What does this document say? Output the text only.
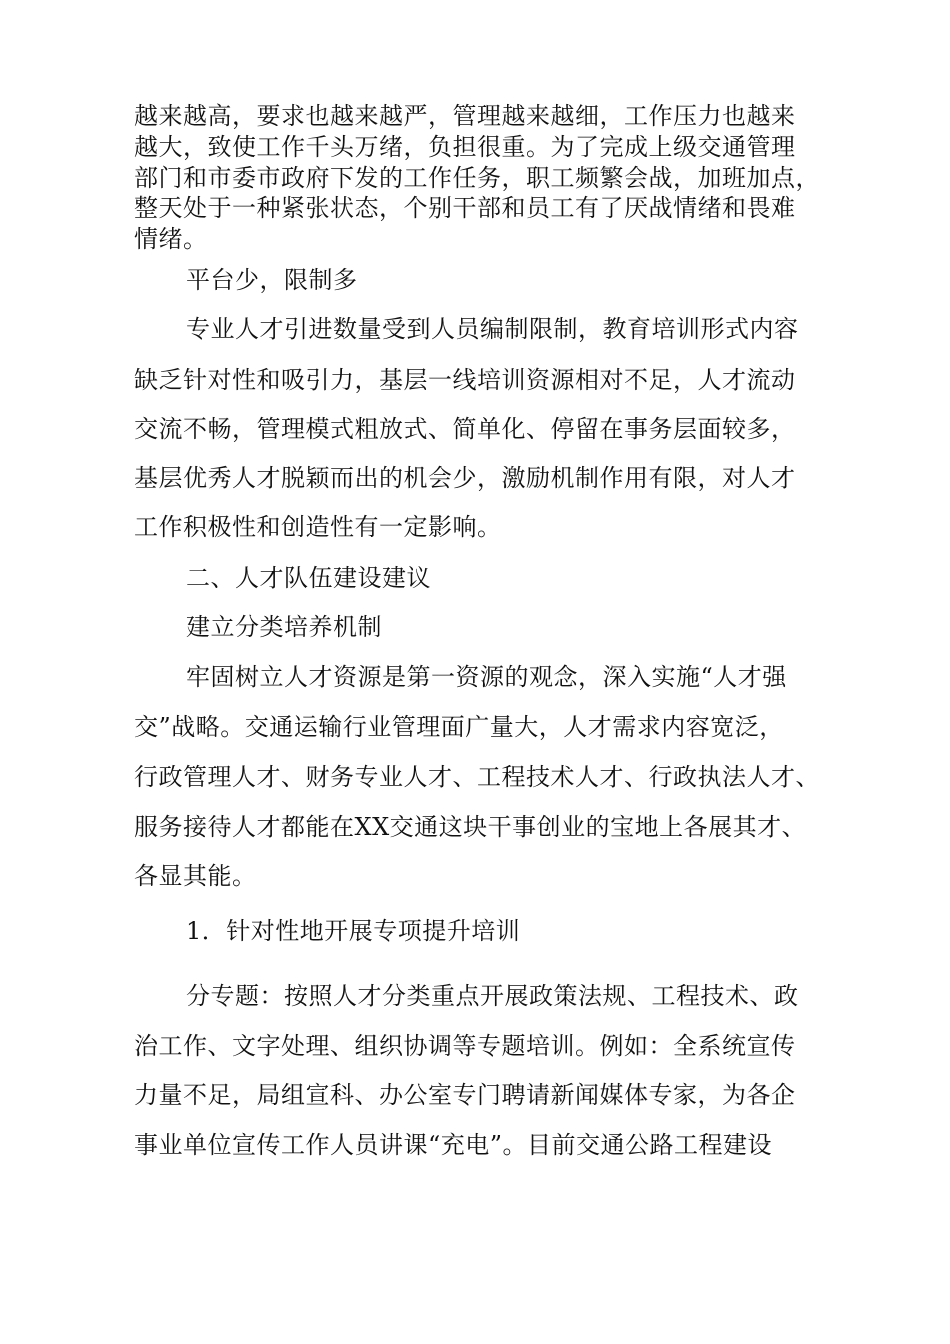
越来越高，要求也越来越严，管理越来越细，工作压力也越来
越大，致使工作千头万绪，负担很重。为了完成上级交通管理
部门和市委市政府下发的工作任务，职工频繁会战，加班加点，
整天处于一种紧张状态，个别干部和员工有了厌战情绪和畏难
情绪。
平台少，限制多
专业人才引进数量受到人员编制限制，教育培训形式内容
缺乏针对性和吸引力，基层一线培训资源相对不足，人才流动
交流不畅，管理模式粗放式、简单化、停留在事务层面较多，
基层优秀人才脱颖而出的机会少，激励机制作用有限，对人才
工作积极性和创造性有一定影响。
二、人才队伍建设建议
建立分类培养机制
牢固树立人才资源是第一资源的观念，深入实施“人才强
交”战略。交通运输行业管理面广量大，人才需求内容宽泛，
行政管理人才、财务专业人才、工程技术人才、行政执法人才、
服务接待人才都能在XX交通这块干事创业的宝地上各展其才、
各显其能。
1．针对性地开展专项提升培训
分专题：按照人才分类重点开展政策法规、工程技术、政
治工作、文字处理、组织协调等专题培训。例如：全系统宣传
力量不足，局组宣科、办公室专门聘请新闻媒体专家，为各企
事业单位宣传工作人员讲课“充电”。目前交通公路工程建设
